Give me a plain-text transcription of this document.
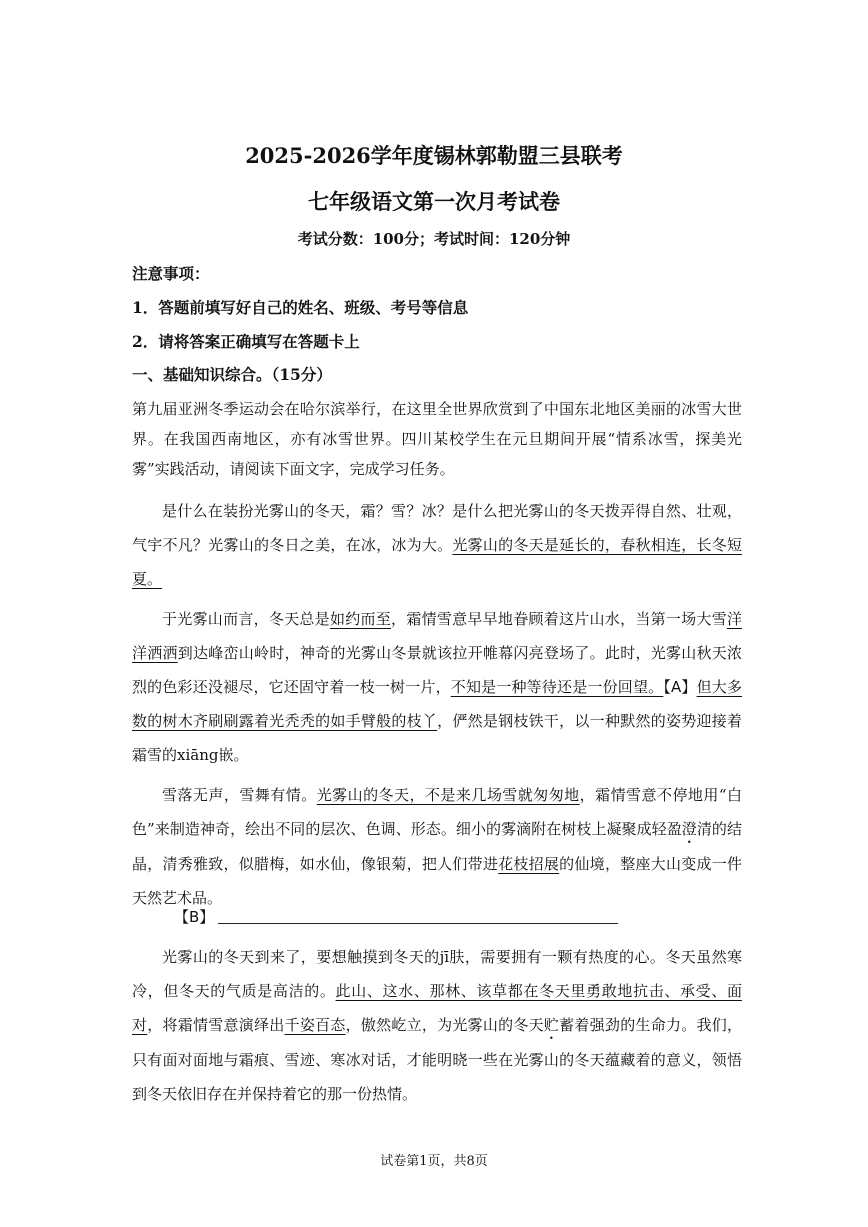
2025-2026学年度锡林郭勒盟三县联考
七年级语文第一次月考试卷
考试分数：100分；考试时间：120分钟
注意事项：
1．答题前填写好自己的姓名、班级、考号等信息
2．请将答案正确填写在答题卡上
一、基础知识综合。（15分）
第九届亚洲冬季运动会在哈尔滨举行，在这里全世界欣赏到了中国东北地区美丽的冰雪大世界。在我国西南地区，亦有冰雪世界。四川某校学生在元旦期间开展“情系冰雪，探美光雾”实践活动，请阅读下面文字，完成学习任务。

是什么在装扮光雾山的冬天，霜？雪？冰？是什么把光雾山的冬天拨弄得自然、壮观，气宇不凡？光雾山的冬日之美，在冰，冰为大。光雾山的冬天是延长的，春秋相连，长冬短夏。

于光雾山而言，冬天总是如约而至，霜情雪意早早地眷顾着这片山水，当第一场大雪洋洋洒洒到达峰峦山岭时，神奇的光雾山冬景就该拉开帷幕闪亮登场了。此时，光雾山秋天浓烈的色彩还没褪尽，它还固守着一枝一树一片，不知是一种等待还是一份回望。【A】但大多数的树木齐刷刷露着光秃秃的如手臂般的枝丫，俨然是钢枝铁干，以一种默然的姿势迎接着霜雪的xiāng嵌。

雪落无声，雪舞有情。光雾山的冬天，不是来几场雪就匆匆地，霜情雪意不停地用“白色”来制造神奇，绘出不同的层次、色调、形态。细小的雾滴附在树枝上凝聚成轻盈澄清的结晶，清秀雅致，似腊梅，如水仙，像银菊，把人们带进花枝招展的仙境，整座大山变成一件天然艺术品。

【B】

光雾山的冬天到来了，要想触摸到冬天的jī肤，需要拥有一颗有热度的心。冬天虽然寒冷，但冬天的气质是高洁的。此山、这水、那林、该草都在冬天里勇敢地抗击、承受、面对，将霜情雪意演绎出千姿百态，傲然屹立，为光雾山的冬天贮蓄着强劲的生命力。我们，只有面对面地与霜痕、雪迹、寒冰对话，才能明晓一些在光雾山的冬天蕴藏着的意义，领悟到冬天依旧存在并保持着它的那一份热情。

试卷第1页，共8页
